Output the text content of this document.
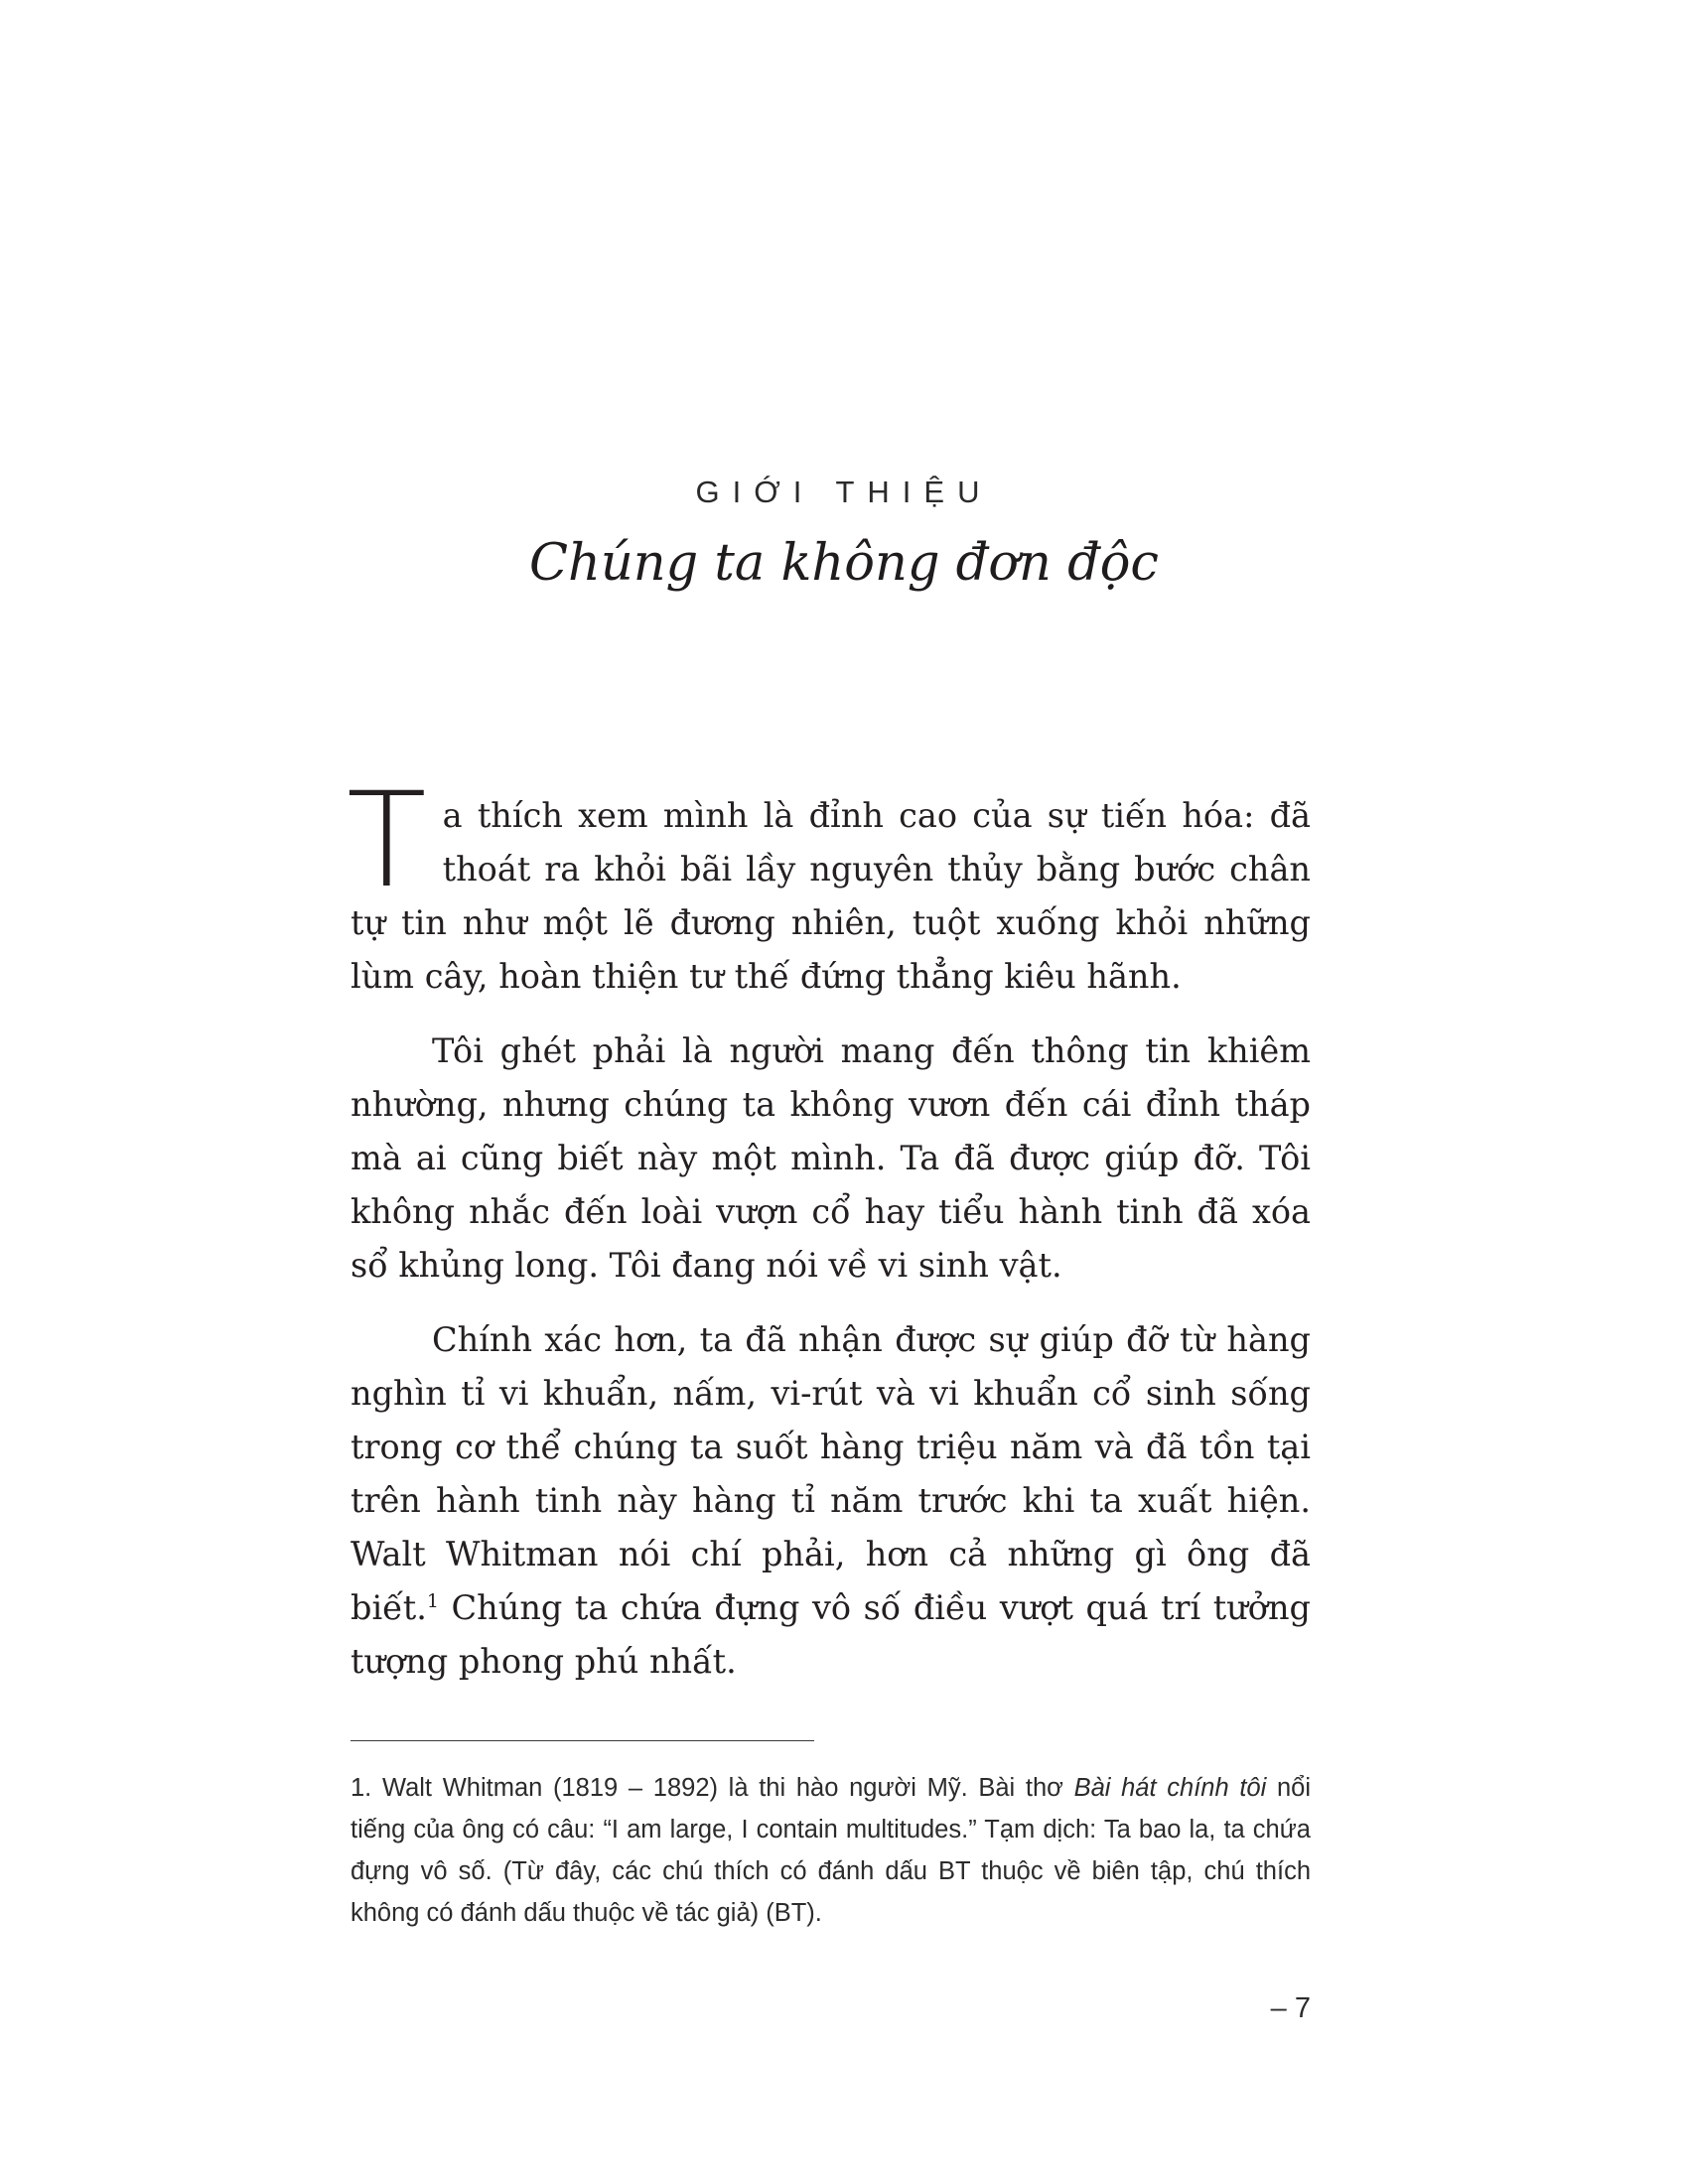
GIỚI THIỆU
Chúng ta không đơn độc

Ta thích xem mình là đỉnh cao của sự tiến hóa: đã thoát ra khỏi bãi lầy nguyên thủy bằng bước chân tự tin như một lẽ đương nhiên, tuột xuống khỏi những lùm cây, hoàn thiện tư thế đứng thẳng kiêu hãnh.

Tôi ghét phải là người mang đến thông tin khiêm nhường, nhưng chúng ta không vươn đến cái đỉnh tháp mà ai cũng biết này một mình. Ta đã được giúp đỡ. Tôi không nhắc đến loài vượn cổ hay tiểu hành tinh đã xóa sổ khủng long. Tôi đang nói về vi sinh vật.

Chính xác hơn, ta đã nhận được sự giúp đỡ từ hàng nghìn tỉ vi khuẩn, nấm, vi-rút và vi khuẩn cổ sinh sống trong cơ thể chúng ta suốt hàng triệu năm và đã tồn tại trên hành tinh này hàng tỉ năm trước khi ta xuất hiện. Walt Whitman nói chí phải, hơn cả những gì ông đã biết.$^1$ Chúng ta chứa đựng vô số điều vượt quá trí tưởng tượng phong phú nhất.

1. Walt Whitman (1819 – 1892) là thi hào người Mỹ. Bài thơ Bài hát chính tôi nổi tiếng của ông có câu: “I am large, I contain multitudes.” Tạm dịch: Ta bao la, ta chứa đựng vô số. (Từ đây, các chú thích có đánh dấu BT thuộc về biên tập, chú thích không có đánh dấu thuộc về tác giả) (BT).

– 7
